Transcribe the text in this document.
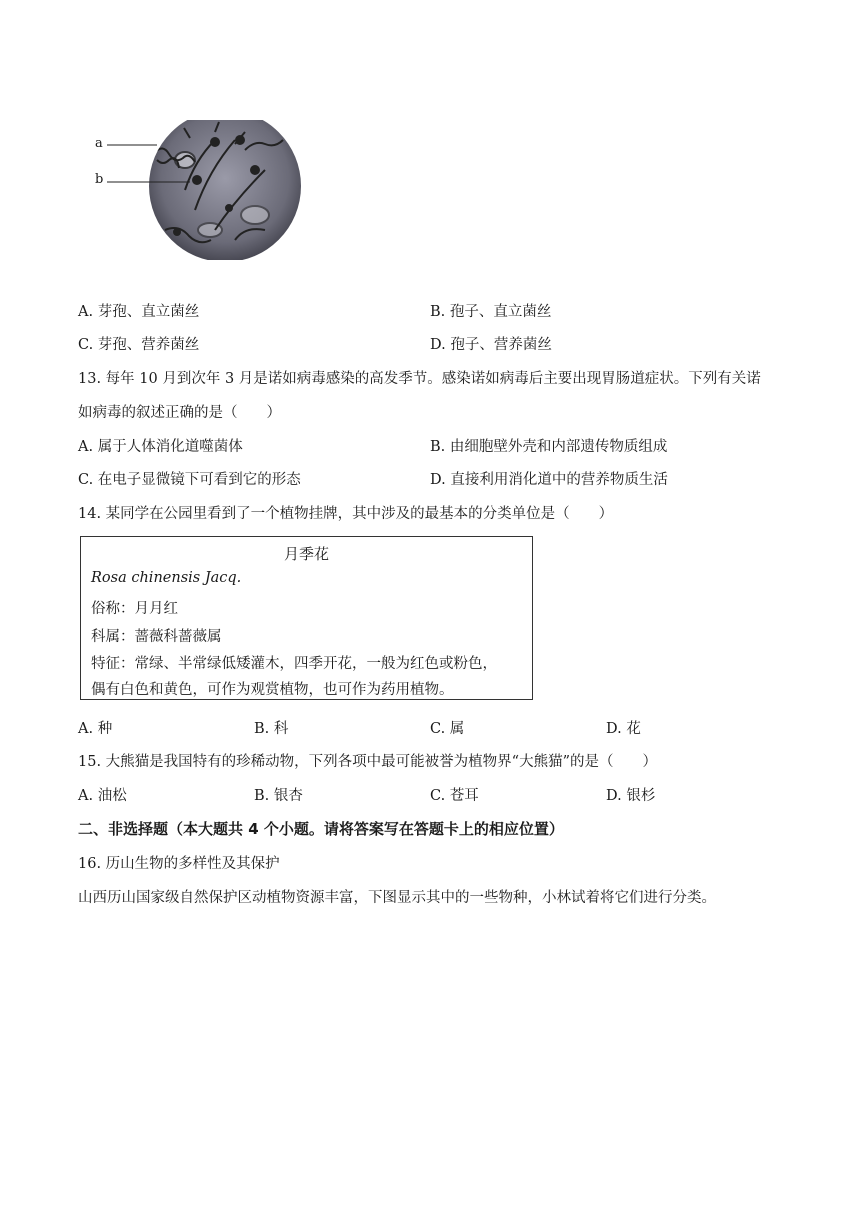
a
b
A. 芽孢、直立菌丝	B. 孢子、直立菌丝
C. 芽孢、营养菌丝	D. 孢子、营养菌丝
13. 每年 10 月到次年 3 月是诺如病毒感染的高发季节。感染诺如病毒后主要出现胃肠道症状。下列有关诺
如病毒的叙述正确的是（　　）
A. 属于人体消化道噬菌体	B. 由细胞壁外壳和内部遗传物质组成
C. 在电子显微镜下可看到它的形态	D. 直接利用消化道中的营养物质生活
14. 某同学在公园里看到了一个植物挂牌，其中涉及的最基本的分类单位是（　　）
月季花
Rosa chinensis Jacq.
俗称：月月红
科属：蔷薇科蔷薇属
特征：常绿、半常绿低矮灌木，四季开花，一般为红色或粉色，
偶有白色和黄色，可作为观赏植物，也可作为药用植物。
A. 种	B. 科	C. 属	D. 花
15. 大熊猫是我国特有的珍稀动物，下列各项中最可能被誉为植物界“大熊猫”的是（　　）
A. 油松	B. 银杏	C. 苍耳	D. 银杉
二、非选择题（本大题共 4 个小题。请将答案写在答题卡上的相应位置）
16. 历山生物的多样性及其保护
山西历山国家级自然保护区动植物资源丰富，下图显示其中的一些物种，小林试着将它们进行分类。
